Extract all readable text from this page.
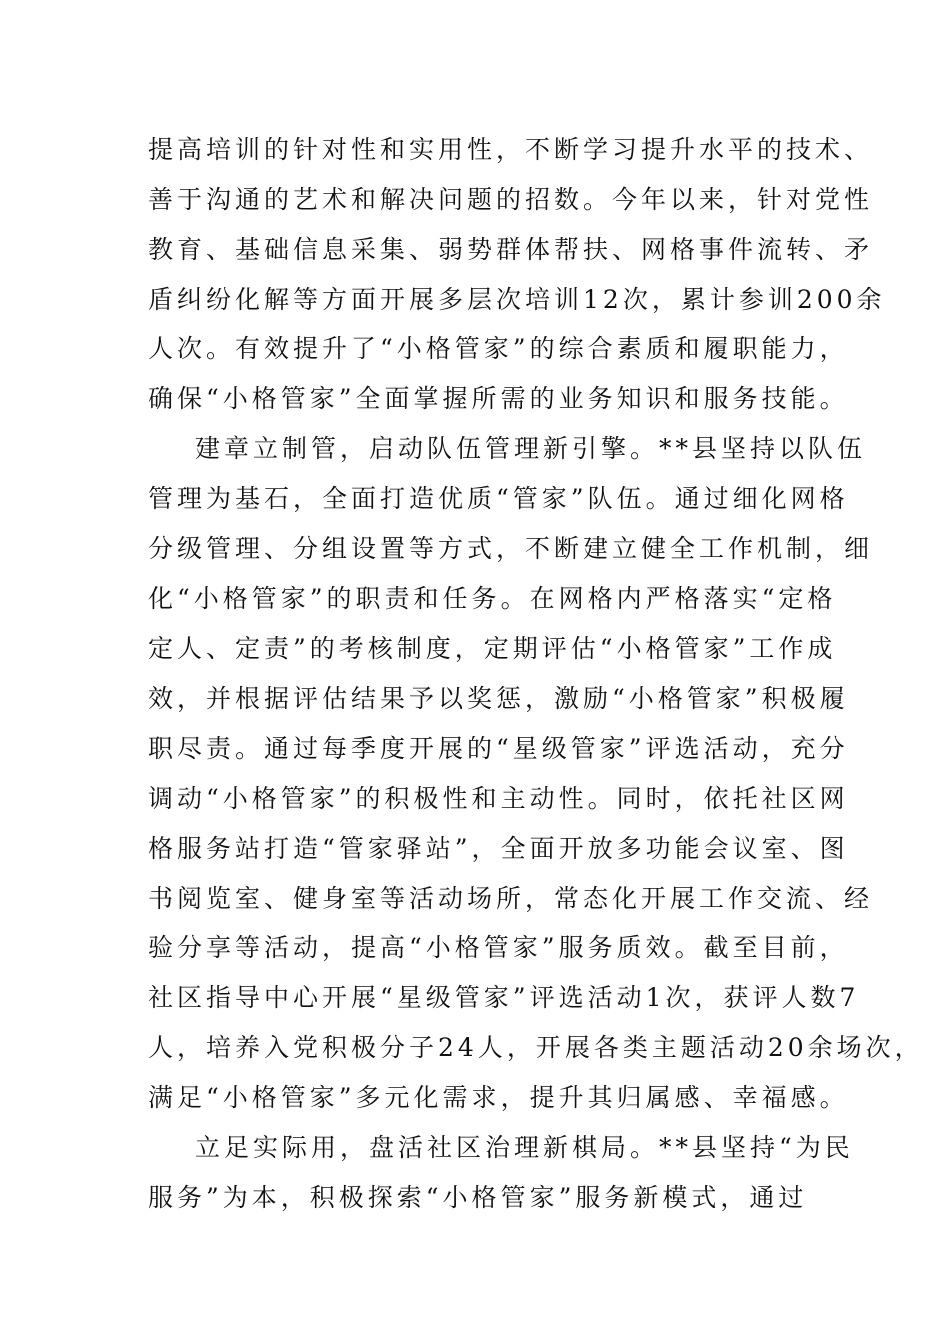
提高培训的针对性和实用性，不断学习提升水平的技术、
善于沟通的艺术和解决问题的招数。今年以来，针对党性
教育、基础信息采集、弱势群体帮扶、网格事件流转、矛
盾纠纷化解等方面开展多层次培训12次，累计参训200余
人次。有效提升了“小格管家”的综合素质和履职能力，
确保“小格管家”全面掌握所需的业务知识和服务技能。
建章立制管，启动队伍管理新引擎。**县坚持以队伍
管理为基石，全面打造优质“管家”队伍。通过细化网格
分级管理、分组设置等方式，不断建立健全工作机制，细
化“小格管家”的职责和任务。在网格内严格落实“定格
定人、定责”的考核制度，定期评估“小格管家”工作成
效，并根据评估结果予以奖惩，激励“小格管家”积极履
职尽责。通过每季度开展的“星级管家”评选活动，充分
调动“小格管家”的积极性和主动性。同时，依托社区网
格服务站打造“管家驿站”，全面开放多功能会议室、图
书阅览室、健身室等活动场所，常态化开展工作交流、经
验分享等活动，提高“小格管家”服务质效。截至目前，
社区指导中心开展“星级管家”评选活动1次，获评人数7
人，培养入党积极分子24人，开展各类主题活动20余场次，
满足“小格管家”多元化需求，提升其归属感、幸福感。
立足实际用，盘活社区治理新棋局。**县坚持“为民
服务”为本，积极探索“小格管家”服务新模式，通过
